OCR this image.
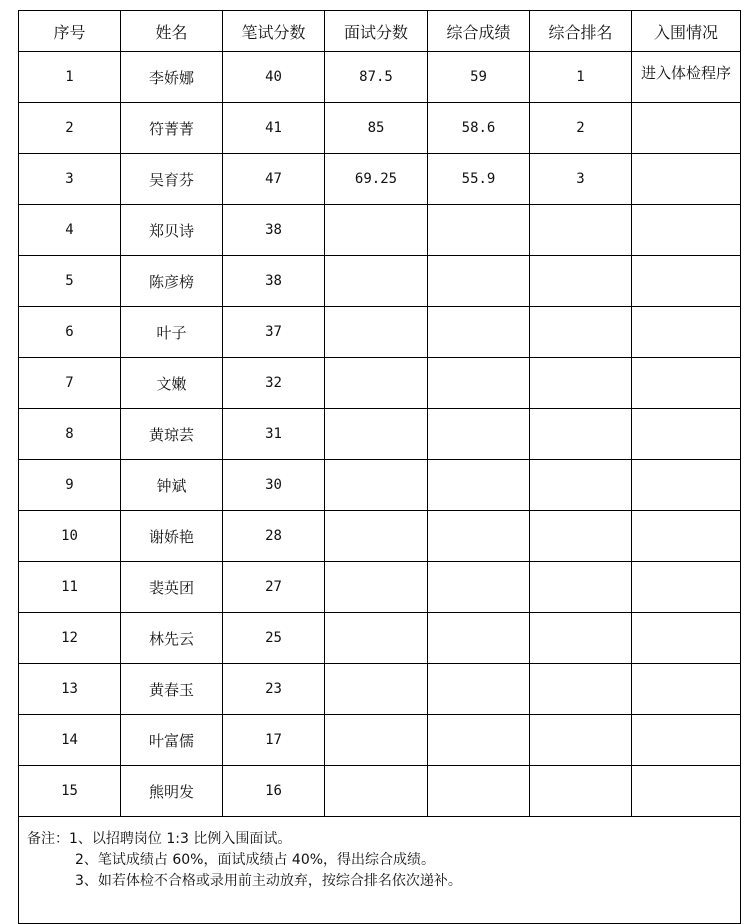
序号	姓名	笔试分数	面试分数	综合成绩	综合排名	入围情况
1	李娇娜	40	87.5	59	1	进入体检程序
2	符菁菁	41	85	58.6	2	
3	吴育芬	47	69.25	55.9	3	
4	郑贝诗	38				
5	陈彦榜	38				
6	叶子	37				
7	文嫩	32				
8	黄琼芸	31				
9	钟斌	30				
10	谢娇艳	28				
11	裴英团	27				
12	林先云	25				
13	黄春玉	23				
14	叶富儒	17				
15	熊明发	16				

备注：1、以招聘岗位 1:3 比例入围面试。
2、笔试成绩占 60%，面试成绩占 40%，得出综合成绩。
3、如若体检不合格或录用前主动放弃，按综合排名依次递补。						
